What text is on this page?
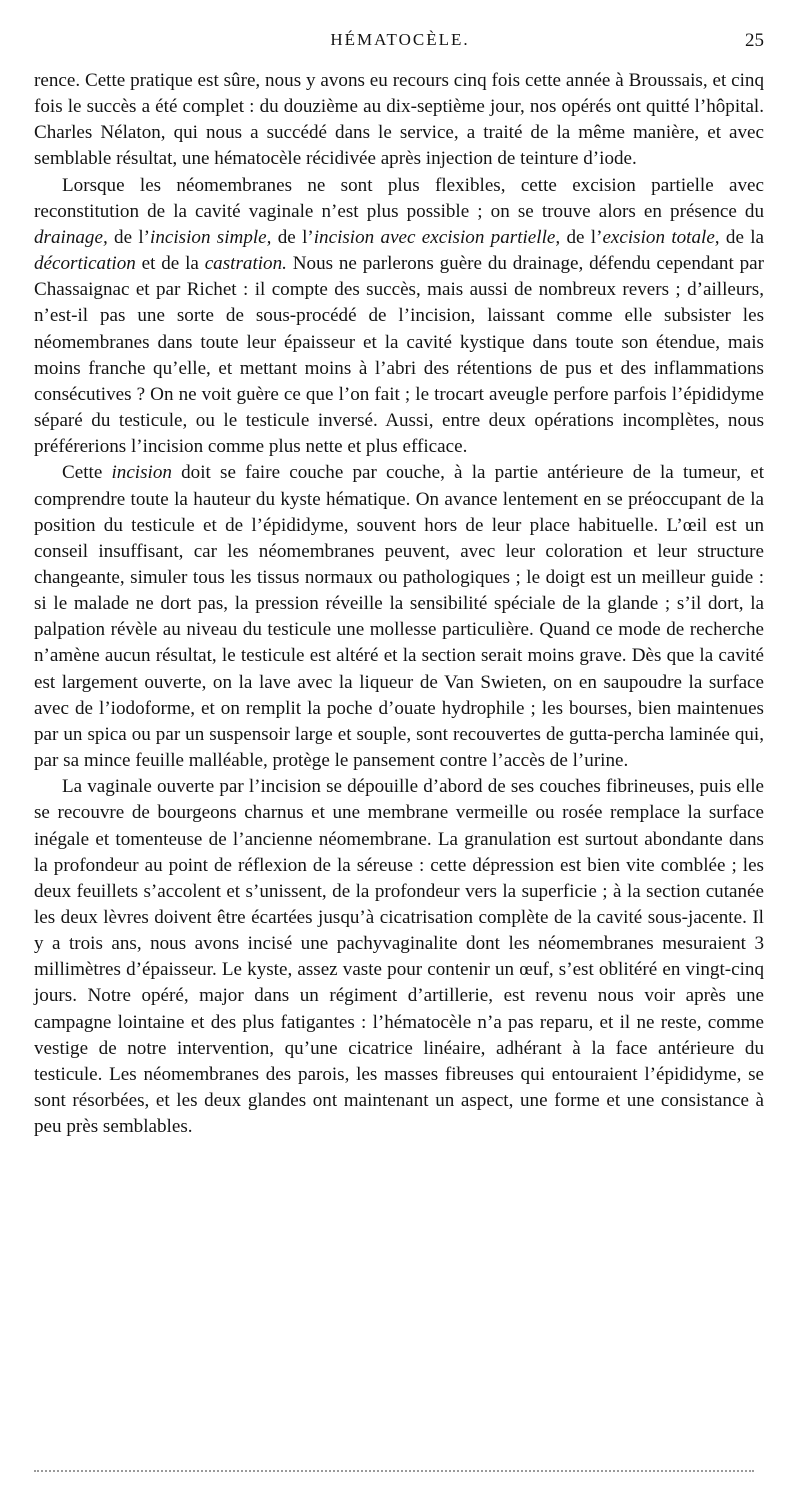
HÉMATOCÈLE.	25

rence. Cette pratique est sûre, nous y avons eu recours cinq fois cette année à Broussais, et cinq fois le succès a été complet : du douzième au dix-septième jour, nos opérés ont quitté l’hôpital. Charles Nélaton, qui nous a succédé dans le service, a traité de la même manière, et avec semblable résultat, une hématocèle récidivée après injection de teinture d’iode.

Lorsque les néomembranes ne sont plus flexibles, cette excision partielle avec reconstitution de la cavité vaginale n’est plus possible ; on se trouve alors en présence du drainage, de l’incision simple, de l’incision avec excision partielle, de l’excision totale, de la décortication et de la castration. Nous ne parlerons guère du drainage, défendu cependant par Chassaignac et par Richet : il compte des succès, mais aussi de nombreux revers ; d’ailleurs, n’est-il pas une sorte de sous-procédé de l’incision, laissant comme elle subsister les néomembranes dans toute leur épaisseur et la cavité kystique dans toute son étendue, mais moins franche qu’elle, et mettant moins à l’abri des rétentions de pus et des inflammations consécutives ? On ne voit guère ce que l’on fait ; le trocart aveugle perfore parfois l’épididyme séparé du testicule, ou le testicule inversé. Aussi, entre deux opérations incomplètes, nous préférerions l’incision comme plus nette et plus efficace.

Cette incision doit se faire couche par couche, à la partie antérieure de la tumeur, et comprendre toute la hauteur du kyste hématique. On avance lentement en se préoccupant de la position du testicule et de l’épididyme, souvent hors de leur place habituelle. L’œil est un conseil insuffisant, car les néomembranes peuvent, avec leur coloration et leur structure changeante, simuler tous les tissus normaux ou pathologiques ; le doigt est un meilleur guide : si le malade ne dort pas, la pression réveille la sensibilité spéciale de la glande ; s’il dort, la palpation révèle au niveau du testicule une mollesse particulière. Quand ce mode de recherche n’amène aucun résultat, le testicule est altéré et la section serait moins grave. Dès que la cavité est largement ouverte, on la lave avec la liqueur de Van Swieten, on en saupoudre la surface avec de l’iodoforme, et on remplit la poche d’ouate hydrophile ; les bourses, bien maintenues par un spica ou par un suspensoir large et souple, sont recouvertes de gutta-percha laminée qui, par sa mince feuille malléable, protège le pansement contre l’accès de l’urine.

La vaginale ouverte par l’incision se dépouille d’abord de ses couches fibrineuses, puis elle se recouvre de bourgeons charnus et une membrane vermeille ou rosée remplace la surface inégale et tomenteuse de l’ancienne néomembrane. La granulation est surtout abondante dans la profondeur au point de réflexion de la séreuse : cette dépression est bien vite comblée ; les deux feuillets s’accolent et s’unissent, de la profondeur vers la superficie ; à la section cutanée les deux lèvres doivent être écartées jusqu’à cicatrisation complète de la cavité sous-jacente. Il y a trois ans, nous avons incisé une pachyvaginalite dont les néomembranes mesuraient 3 millimètres d’épaisseur. Le kyste, assez vaste pour contenir un œuf, s’est oblitéré en vingt-cinq jours. Notre opéré, major dans un régiment d’artillerie, est revenu nous voir après une campagne lointaine et des plus fatigantes : l’hématocèle n’a pas reparu, et il ne reste, comme vestige de notre intervention, qu’une cicatrice linéaire, adhérant à la face antérieure du testicule. Les néomembranes des parois, les masses fibreuses qui entouraient l’épididyme, se sont résorbées, et les deux glandes ont maintenant un aspect, une forme et une consistance à peu près semblables.
